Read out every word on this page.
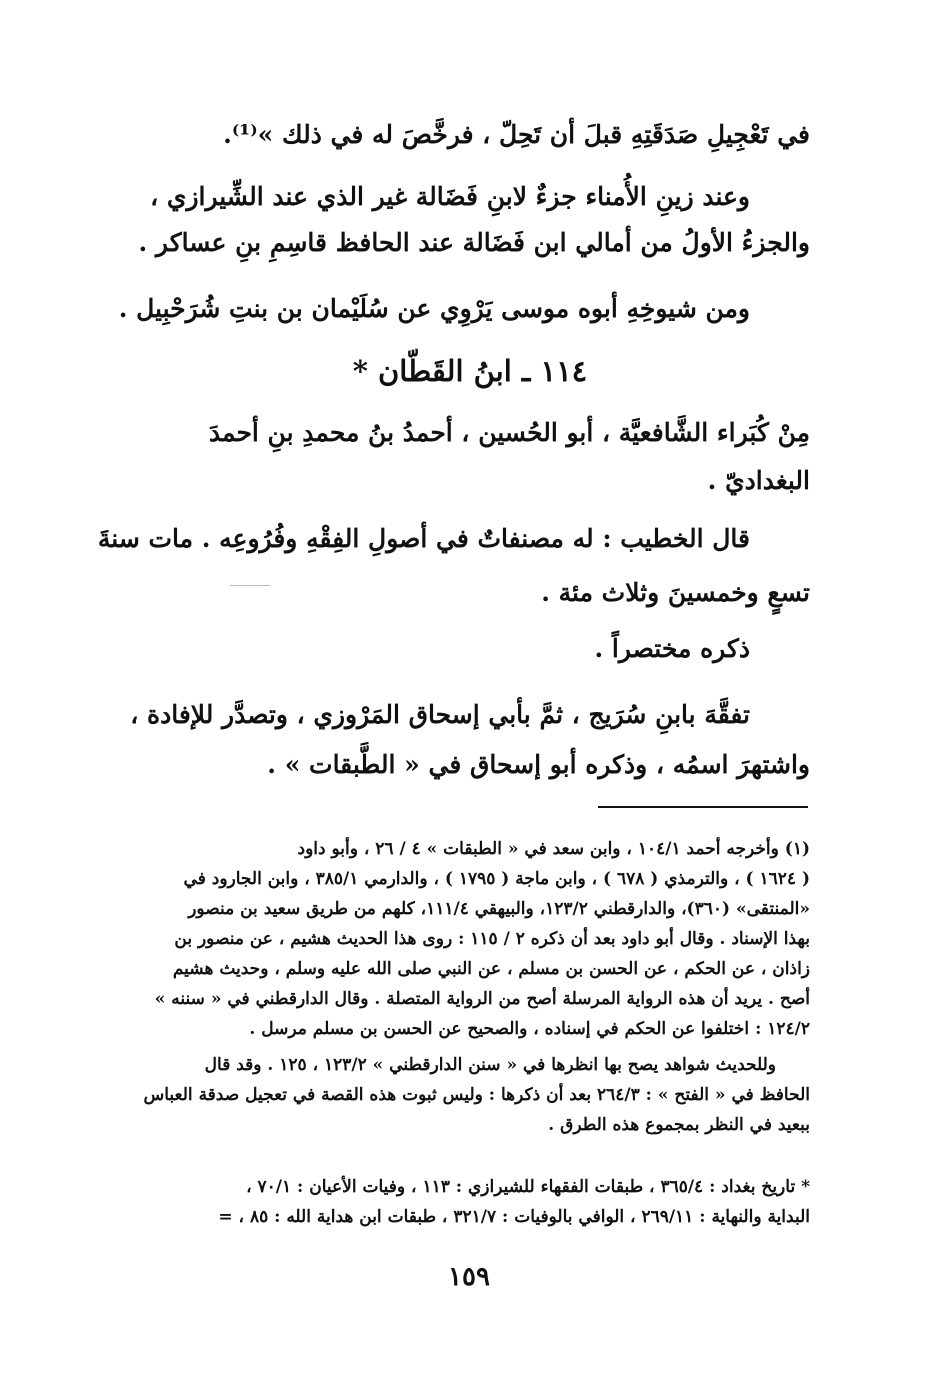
في تَعْجِيلِ صَدَقَتِهِ قبلَ أن تَحِلّ ، فرخَّصَ له في ذلك »⁽¹⁾.
وعند زينِ الأُمناء جزءٌ لابنِ فَضَالة غير الذي عند الشِّيرازي ،
والجزءُ الأولُ من أمالي ابن فَضَالة عند الحافظ قاسِمِ بنِ عساكر .
ومن شيوخِهِ أبوه موسى يَرْوِي عن سُلَيْمان بن بنتِ شُرَحْبِيل .
١١٤ ـ ابنُ القَطّان *
مِنْ كُبَراء الشَّافعيَّة ، أبو الحُسين ، أحمدُ بنُ محمدِ بنِ أحمدَ
البغداديّ .
قال الخطيب : له مصنفاتٌ في أصولِ الفِقْهِ وفُرُوعِه . مات سنةَ
تسعٍ وخمسينَ وثلاث مئة .
ذكره مختصراً .
تفقَّهَ بابنِ سُرَيج ، ثمَّ بأبي إسحاق المَرْوزي ، وتصدَّر للإفادة ،
واشتهرَ اسمُه ، وذكره أبو إسحاق في « الطَّبقات » .
(١) وأخرجه أحمد ١٠٤/١ ، وابن سعد في « الطبقات » ٤ / ٢٦ ، وأبو داود
( ١٦٢٤ ) ، والترمذي ( ٦٧٨ ) ، وابن ماجة ( ١٧٩٥ ) ، والدارمي ٣٨٥/١ ، وابن الجارود في
«المنتقى» (٣٦٠)، والدارقطني ١٢٣/٢، والبيهقي ١١١/٤، كلهم من طريق سعيد بن منصور
بهذا الإسناد . وقال أبو داود بعد أن ذكره ٢ / ١١٥ : روى هذا الحديث هشيم ، عن منصور بن
زاذان ، عن الحكم ، عن الحسن بن مسلم ، عن النبي صلى الله عليه وسلم ، وحديث هشيم
أصح . يريد أن هذه الرواية المرسلة أصح من الرواية المتصلة . وقال الدارقطني في « سننه »
١٢٤/٢ : اختلفوا عن الحكم في إسناده ، والصحيح عن الحسن بن مسلم مرسل .
وللحديث شواهد يصح بها انظرها في « سنن الدارقطني » ١٢٣/٢ ، ١٢٥ . وقد قال
الحافظ في « الفتح » : ٢٦٤/٣ بعد أن ذكرها : وليس ثبوت هذه القصة في تعجيل صدقة العباس
ببعيد في النظر بمجموع هذه الطرق .
* تاريخ بغداد : ٣٦٥/٤ ، طبقات الفقهاء للشيرازي : ١١٣ ، وفيات الأعيان : ٧٠/١ ،
البداية والنهاية : ٢٦٩/١١ ، الوافي بالوفيات : ٣٢١/٧ ، طبقات ابن هداية الله : ٨٥ ، =
١٥٩
